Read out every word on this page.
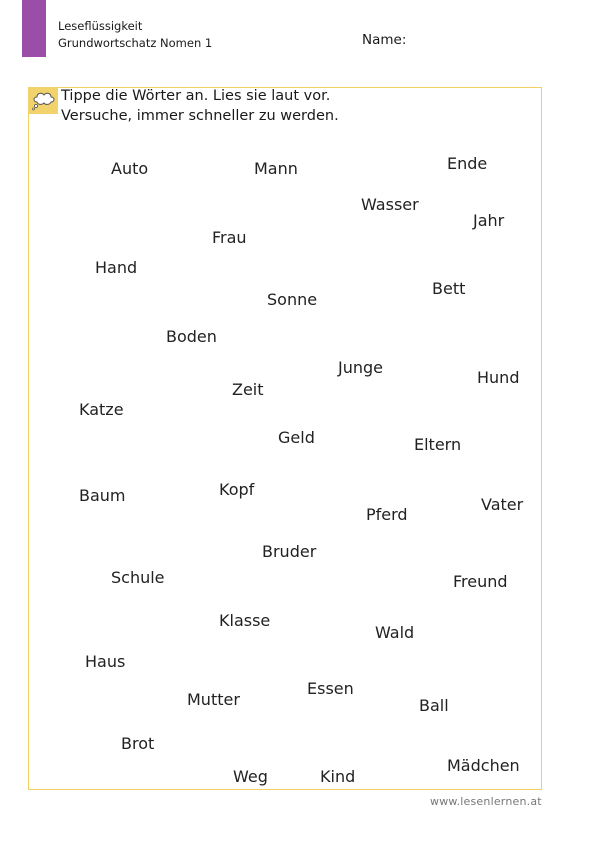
Leseflüssigkeit
Grundwortschatz Nomen 1	Name:
Tippe die Wörter an. Lies sie laut vor.
Versuche, immer schneller zu werden.
Auto	Mann	Ende
Wasser
Jahr
Frau
Hand
Bett
Sonne
Boden
Junge
Hund
Zeit
Katze
Geld	Eltern
Kopf
Baum	Vater
Pferd
Bruder
Schule	Freund
Klasse
Wald
Haus
Essen
Mutter	Ball
Brot
Mädchen
Weg	Kind
www.lesenlernen.at
